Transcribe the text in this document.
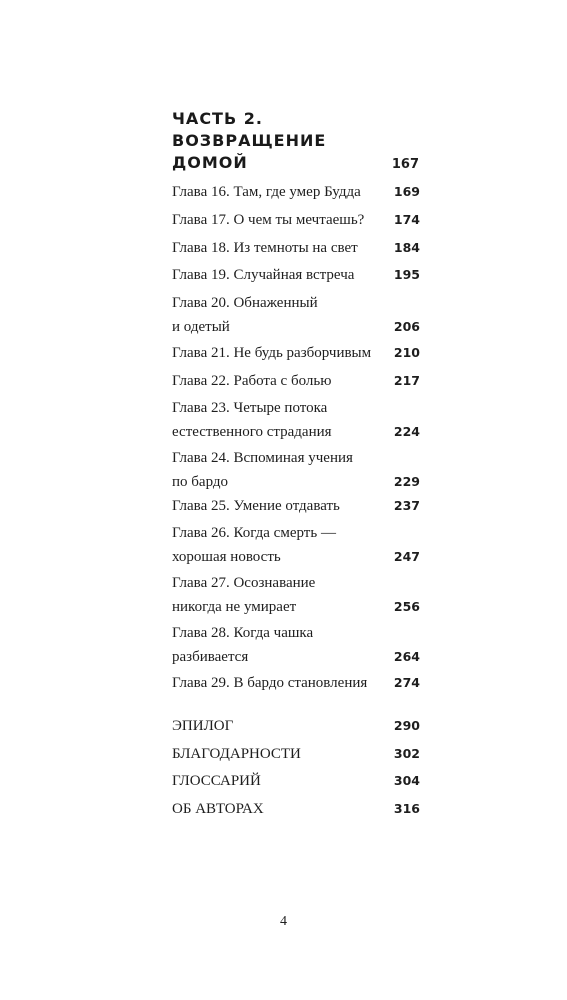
ЧАСТЬ 2.
ВОЗВРАЩЕНИЕ
ДОМОЙ	167
Глава 16. Там, где умер Будда	169
Глава 17. О чем ты мечтаешь?	174
Глава 18. Из темноты на свет	184
Глава 19. Случайная встреча	195
Глава 20. Обнаженный
и одетый	206
Глава 21. Не будь разборчивым	210
Глава 22. Работа с болью	217
Глава 23. Четыре потока
естественного страдания	224
Глава 24. Вспоминая учения
по бардо	229
Глава 25. Умение отдавать	237
Глава 26. Когда смерть —
хорошая новость	247
Глава 27. Осознавание
никогда не умирает	256
Глава 28. Когда чашка
разбивается	264
Глава 29. В бардо становления	274
ЭПИЛОГ	290
БЛАГОДАРНОСТИ	302
ГЛОССАРИЙ	304
ОБ АВТОРАХ	316
4
